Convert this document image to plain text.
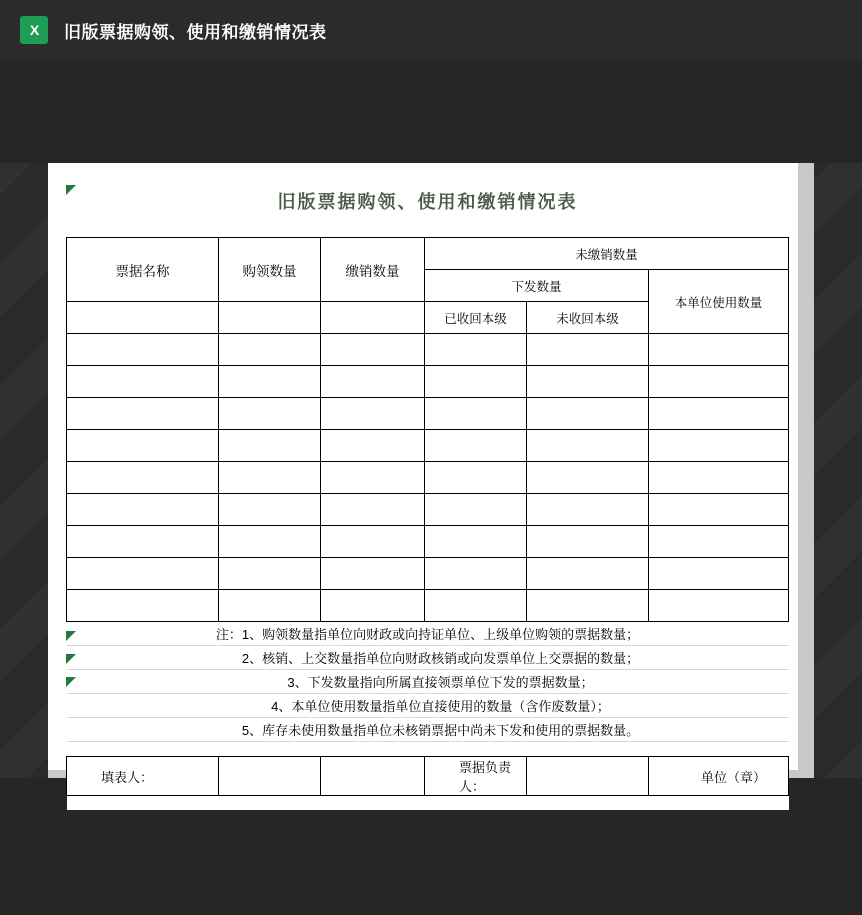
X 旧版票据购领、使用和缴销情况表
旧版票据购领、使用和缴销情况表					

票据名称	购领数量	缴销数量	未缴销数量		
			下发数量		本单位使用数量
			已收回本级	未收回本级	

注：1、购领数量指单位向财政或向持证单位、上级单位购领的票据数量；					
2、核销、上交数量指单位向财政核销或向发票单位上交票据的数量；					
3、下发数量指向所属直接领票单位下发的票据数量；					
4、本单位使用数量指单位直接使用的数量（含作废数量）；					
5、库存未使用数量指单位未核销票据中尚未下发和使用的票据数量。					

填表人：			票据负责人：		单位（章）
